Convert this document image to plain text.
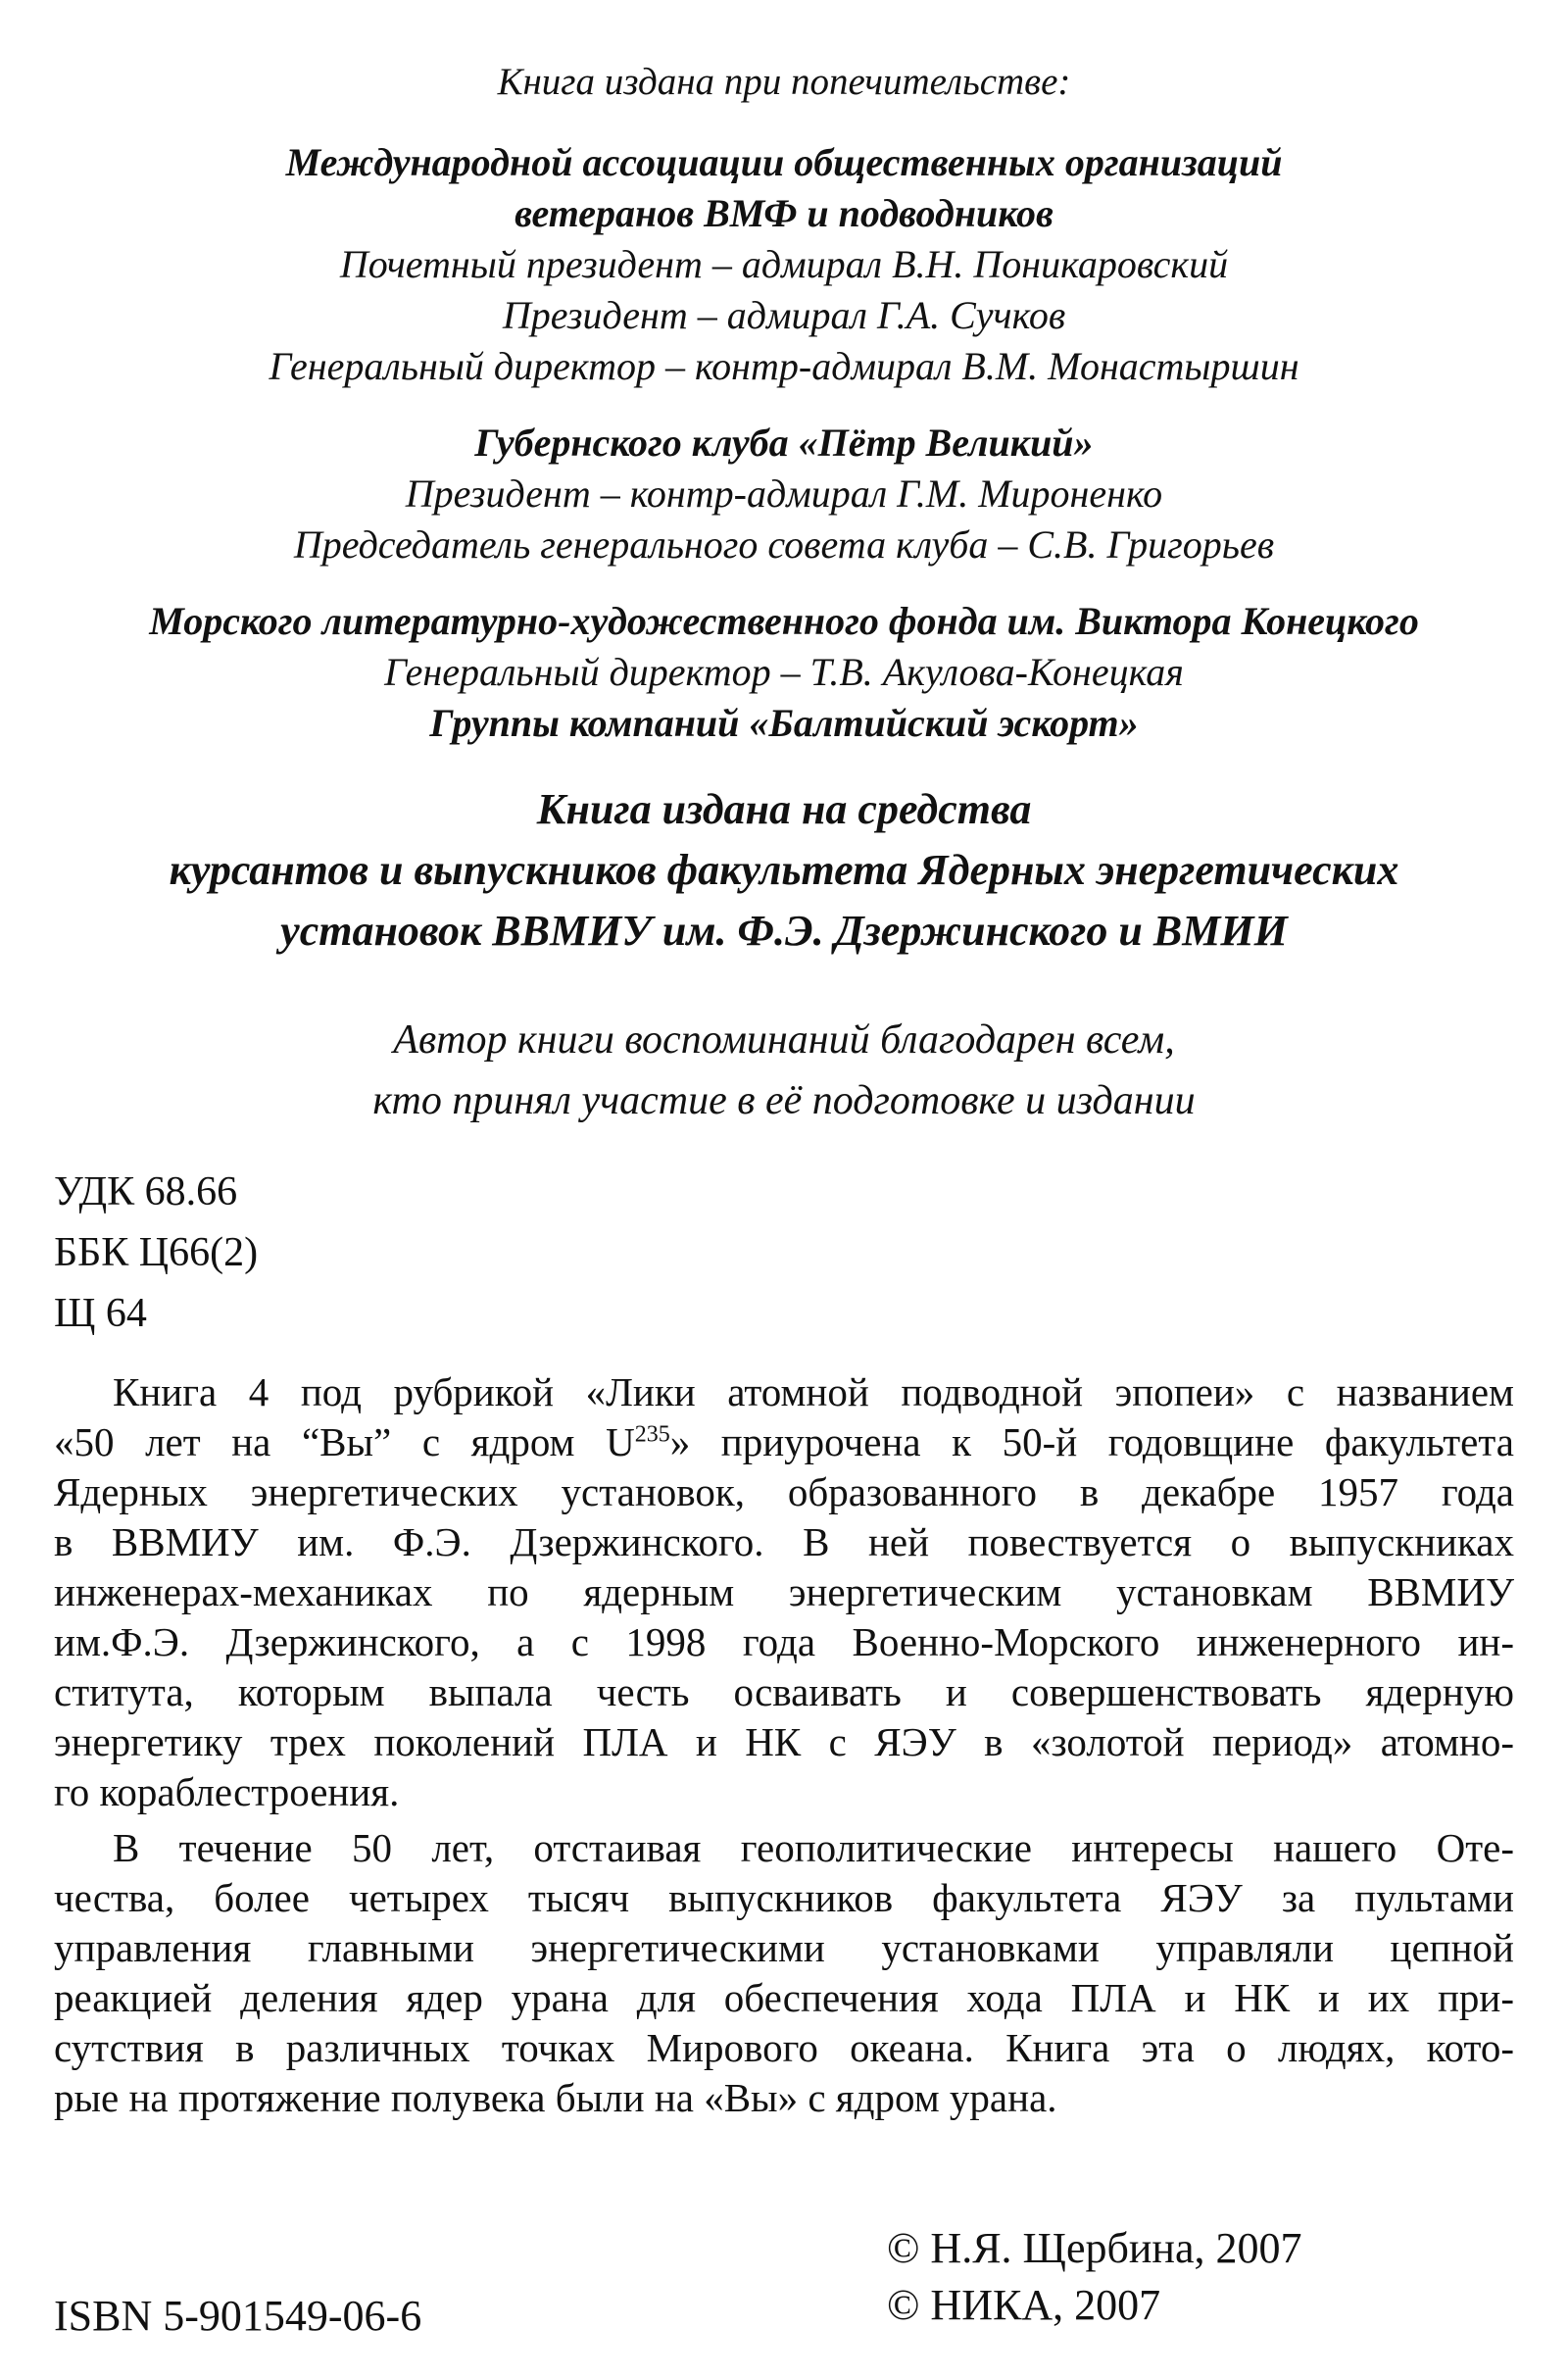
Книга издана при попечительстве:
Международной ассоциации общественных организаций
ветеранов ВМФ и подводников
Почетный президент – адмирал В.Н. Поникаровский
Президент – адмирал Г.А. Сучков
Генеральный директор – контр-адмирал В.М. Монастыршин
Губернского клуба «Пётр Великий»
Президент – контр-адмирал Г.М. Мироненко
Председатель генерального совета клуба – С.В. Григорьев
Морского литературно-художественного фонда им. Виктора Конецкого
Генеральный директор – Т.В. Акулова-Конецкая
Группы компаний «Балтийский эскорт»
Книга издана на средства
курсантов и выпускников факультета Ядерных энергетических
установок ВВМИУ им. Ф.Э. Дзержинского и ВМИИ
Автор книги воспоминаний благодарен всем,
кто принял участие в её подготовке и издании
УДК 68.66
ББК Ц66(2)
Щ 64

Книга 4 под рубрикой «Лики атомной подводной эпопеи» с названием
«50 лет на “Вы” с ядром $U^{235}$» приурочена к 50-й годовщине факультета
Ядерных энергетических установок, образованного в декабре 1957 года
в ВВМИУ им. Ф.Э. Дзержинского. В ней повествуется о выпускниках
инженерах-механиках по ядерным энергетическим установкам ВВМИУ
им.Ф.Э. Дзержинского, а с 1998 года Военно-Морского инженерного ин-
ститута, которым выпала честь осваивать и совершенствовать ядерную
энергетику трех поколений ПЛА и НК с ЯЭУ в «золотой период» атомно-
го кораблестроения.

В течение 50 лет, отстаивая геополитические интересы нашего Оте-
чества, более четырех тысяч выпускников факультета ЯЭУ за пультами
управления главными энергетическими установками управляли цепной
реакцией деления ядер урана для обеспечения хода ПЛА и НК и их при-
сутствия в различных точках Мирового океана. Книга эта о людях, кото-
рые на протяжение полувека были на «Вы» с ядром урана.

© Н.Я. Щербина, 2007
© НИКА, 2007
ISBN 5-901549-06-6
